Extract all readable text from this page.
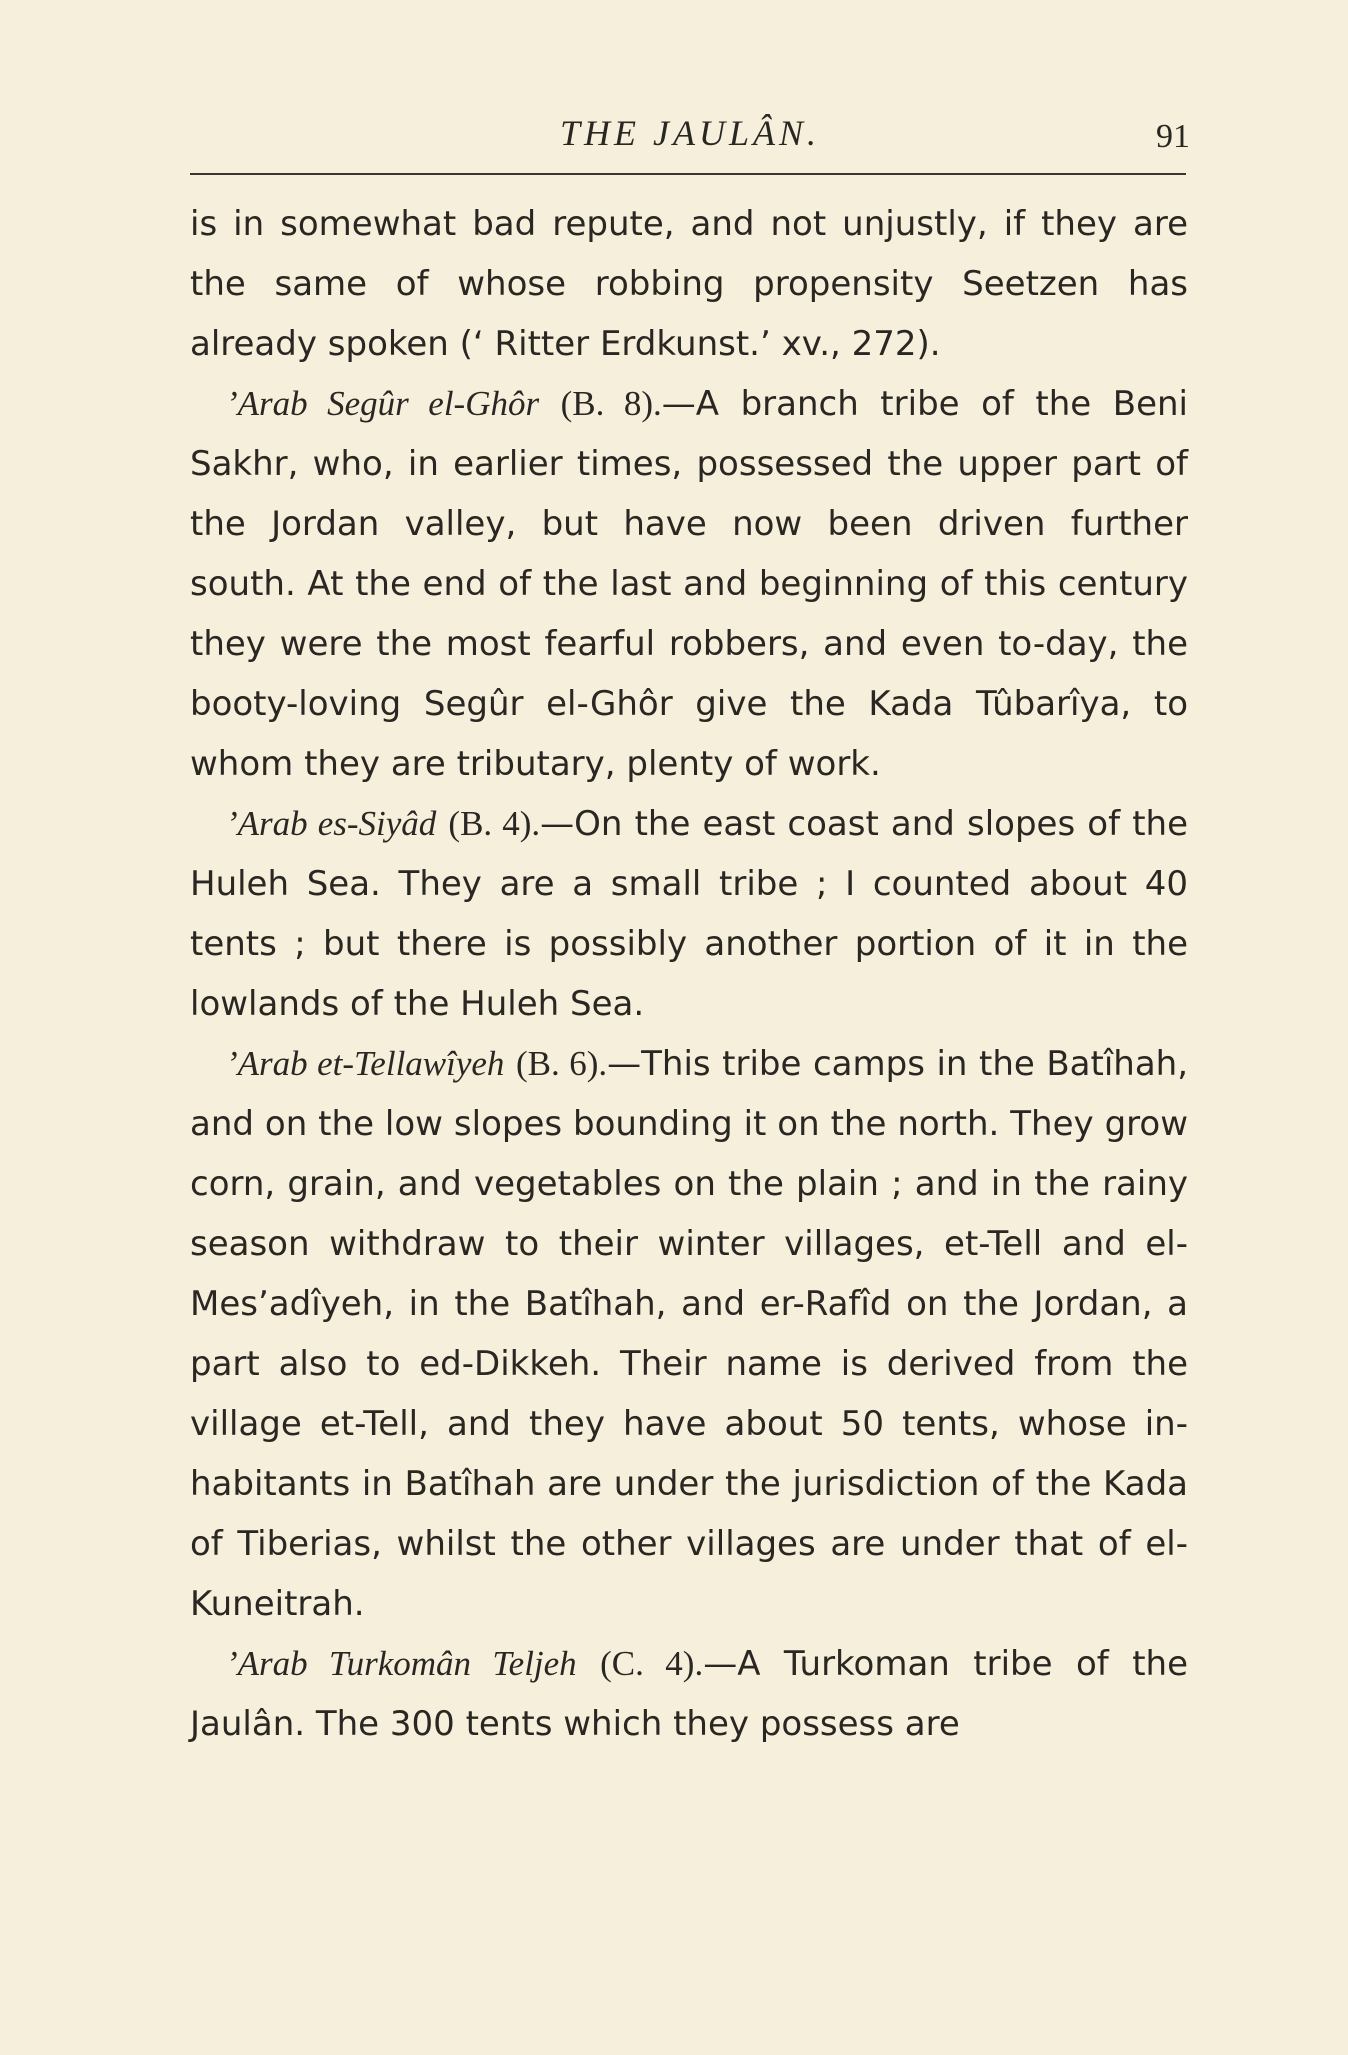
THE JAULÂN.	91

is in somewhat bad repute, and not unjustly, if they are the same of whose robbing propensity Seetzen has already spoken (‘ Ritter Erdkunst.’ xv., 272).

’Arab Segûr el-Ghôr (B. 8).—A branch tribe of the Beni Sakhr, who, in earlier times, possessed the upper part of the Jordan valley, but have now been driven further south. At the end of the last and beginning of this century they were the most fearful robbers, and even to-day, the booty-loving Segûr el-Ghôr give the Kada Tûbarîya, to whom they are tributary, plenty of work.

’Arab es-Siyâd (B. 4).—On the east coast and slopes of the Huleh Sea. They are a small tribe ; I counted about 40 tents ; but there is possibly another portion of it in the lowlands of the Huleh Sea.

’Arab et-Tellawîyeh (B. 6).—This tribe camps in the Batîhah, and on the low slopes bounding it on the north. They grow corn, grain, and vegetables on the plain ; and in the rainy season withdraw to their winter villages, et-Tell and el-Mes’adîyeh, in the Batîhah, and er-Rafîd on the Jordan, a part also to ed-Dikkeh. Their name is derived from the village et-Tell, and they have about 50 tents, whose in-habitants in Batîhah are under the jurisdiction of the Kada of Tiberias, whilst the other villages are under that of el-Kuneitrah.

’Arab Turkomân Teljeh (C. 4).—A Turkoman tribe of the Jaulân. The 300 tents which they possess are
